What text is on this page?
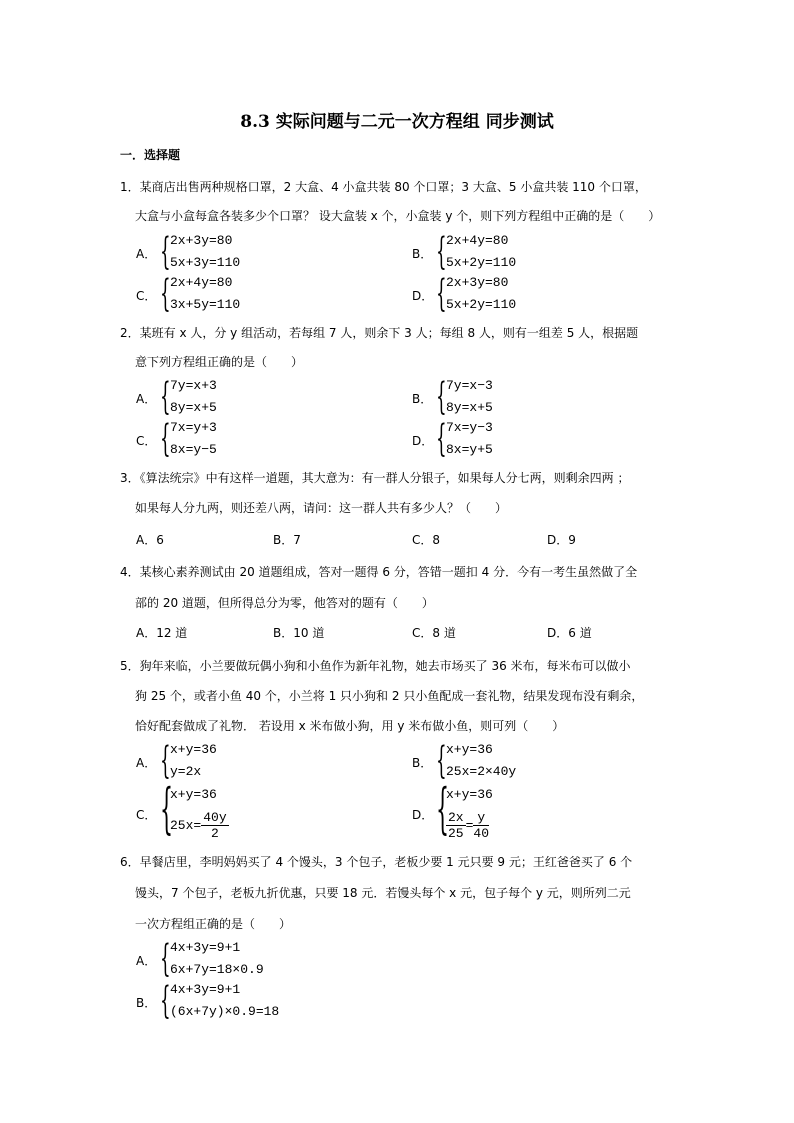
8.3 实际问题与二元一次方程组 同步测试
一．选择题
1．某商店出售两种规格口罩，2 大盒、4 小盒共装 80 个口罩；3 大盒、5 小盒共装 110 个口罩，
大盒与小盒每盒各装多少个口罩？ 设大盒装 x 个，小盒装 y 个，则下列方程组中正确的是（　　）
A． { 2x+3y=80
5x+3y=110
B． { 2x+4y=80
5x+2y=110
C． { 2x+4y=80
3x+5y=110
D． { 2x+3y=80
5x+2y=110
2．某班有 x 人，分 y 组活动，若每组 7 人，则余下 3 人；每组 8 人，则有一组差 5 人，根据题
意下列方程组正确的是（　　）
A． { 7y=x+3
8y=x+5
B． { 7y=x−3
8y=x+5
C． { 7x=y+3
8x=y−5
D． { 7x=y−3
8x=y+5
3．《算法统宗》中有这样一道题，其大意为：有一群人分银子，如果每人分七两，则剩余四两 ；
如果每人分九两，则还差八两，请问：这一群人共有多少人？（　　）
A．6	B．7	C．8	D．9
4．某核心素养测试由 20 道题组成，答对一题得 6 分，答错一题扣 4 分．今有一考生虽然做了全
部的 20 道题，但所得总分为零，他答对的题有（　　）
A．12 道	B．10 道	C．8 道	D．6 道
5．狗年来临，小兰要做玩偶小狗和小鱼作为新年礼物，她去市场买了 36 米布，每米布可以做小
狗 25 个，或者小鱼 40 个，小兰将 1 只小狗和 2 只小鱼配成一套礼物，结果发现布没有剩余，
恰好配套做成了礼物． 若设用 x 米布做小狗，用 y 米布做小鱼，则可列（　　）
A． { x+y=36
y=2x
B． { x+y=36
25x=2×40y
C． {
x+y=36
$25x= \frac{40y}{2}$	D． {
x+y=36
$\frac{2x}{25} = \frac{y}{40}$
6．早餐店里，李明妈妈买了 4 个馒头，3 个包子，老板少要 1 元只要 9 元；王红爸爸买了 6 个
馒头，7 个包子，老板九折优惠，只要 18 元．若馒头每个 x 元，包子每个 y 元，则所列二元
一次方程组正确的是（　　）
A． { 4x+3y=9+1
6x+7y=18×0.9
B． { 4x+3y=9+1
(6x+7y)×0.9=18
